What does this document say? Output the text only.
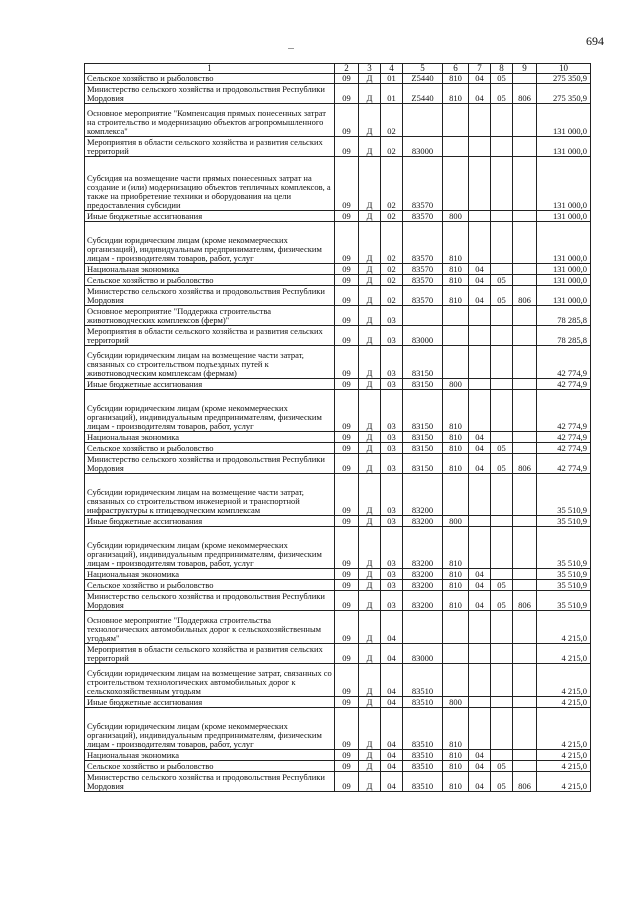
694
1	2	3	4	5	6	7	8	9	10
Сельское хозяйство и рыболовство	09	Д	01	Z5440	810	04	05		275 350,9
Министерство сельского хозяйства и продовольствия Республики Мордовия	09	Д	01	Z5440	810	04	05	806	275 350,9
Основное мероприятие "Компенсация прямых понесенных затрат на строительство и модернизацию объектов агропромышленного комплекса"	09	Д	02						131 000,0
Мероприятия в области сельского хозяйства и развития сельских территорий	09	Д	02	83000					131 000,0
Субсидия на возмещение части прямых понесенных затрат на создание и (или) модернизацию объектов тепличных комплексов, а также на приобретение техники и оборудования на цели предоставления субсидии	09	Д	02	83570					131 000,0
Иные бюджетные ассигнования	09	Д	02	83570	800				131 000,0
Субсидии юридическим лицам (кроме некоммерческих организаций), индивидуальным предпринимателям, физическим лицам - производителям товаров, работ, услуг	09	Д	02	83570	810				131 000,0
Национальная экономика	09	Д	02	83570	810	04			131 000,0
Сельское хозяйство и рыболовство	09	Д	02	83570	810	04	05		131 000,0
Министерство сельского хозяйства и продовольствия Республики Мордовия	09	Д	02	83570	810	04	05	806	131 000,0
Основное мероприятие "Поддержка строительства животноводческих комплексов (ферм)"	09	Д	03						78 285,8
Мероприятия в области сельского хозяйства и развития сельских территорий	09	Д	03	83000					78 285,8
Субсидии юридическим лицам на возмещение части затрат, связанных со строительством подъездных путей к животноводческим комплексам (фермам)	09	Д	03	83150					42 774,9
Иные бюджетные ассигнования	09	Д	03	83150	800				42 774,9
Субсидии юридическим лицам (кроме некоммерческих организаций), индивидуальным предпринимателям, физическим лицам - производителям товаров, работ, услуг	09	Д	03	83150	810				42 774,9
Национальная экономика	09	Д	03	83150	810	04			42 774,9
Сельское хозяйство и рыболовство	09	Д	03	83150	810	04	05		42 774,9
Министерство сельского хозяйства и продовольствия Республики Мордовия	09	Д	03	83150	810	04	05	806	42 774,9
Субсидии юридическим лицам на возмещение части затрат, связанных со строительством инженерной и транспортной инфраструктуры к птицеводческим комплексам	09	Д	03	83200					35 510,9
Иные бюджетные ассигнования	09	Д	03	83200	800				35 510,9
Субсидии юридическим лицам (кроме некоммерческих организаций), индивидуальным предпринимателям, физическим лицам - производителям товаров, работ, услуг	09	Д	03	83200	810				35 510,9
Национальная экономика	09	Д	03	83200	810	04			35 510,9
Сельское хозяйство и рыболовство	09	Д	03	83200	810	04	05		35 510,9
Министерство сельского хозяйства и продовольствия Республики Мордовия	09	Д	03	83200	810	04	05	806	35 510,9
Основное мероприятие "Поддержка строительства технологических автомобильных дорог к сельскохозяйственным угодьям"	09	Д	04						4 215,0
Мероприятия в области сельского хозяйства и развития сельских территорий	09	Д	04	83000					4 215,0
Субсидии юридическим лицам на возмещение затрат, связанных со строительством технологических автомобильных дорог к сельскохозяйственным угодьям	09	Д	04	83510					4 215,0
Иные бюджетные ассигнования	09	Д	04	83510	800				4 215,0
Субсидии юридическим лицам (кроме некоммерческих организаций), индивидуальным предпринимателям, физическим лицам - производителям товаров, работ, услуг	09	Д	04	83510	810				4 215,0
Национальная экономика	09	Д	04	83510	810	04			4 215,0
Сельское хозяйство и рыболовство	09	Д	04	83510	810	04	05		4 215,0
Министерство сельского хозяйства и продовольствия Республики Мордовия	09	Д	04	83510	810	04	05	806	4 215,0
